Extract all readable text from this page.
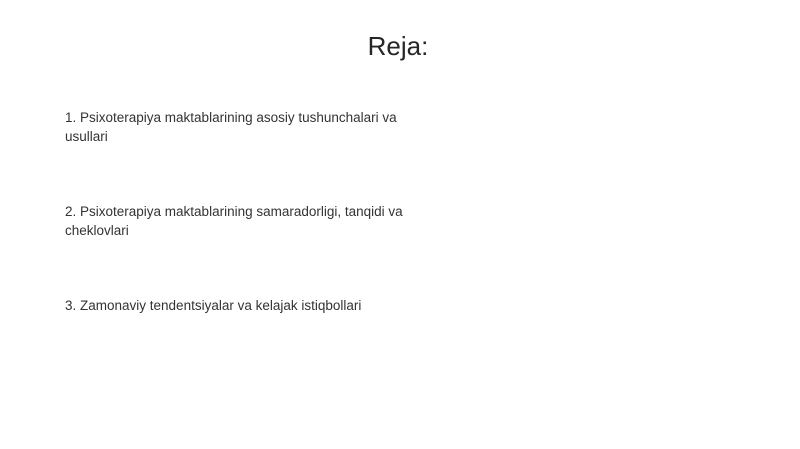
Reja:
1. Psixoterapiya maktablarining asosiy tushunchalari va usullari
2. Psixoterapiya maktablarining samaradorligi, tanqidi va cheklovlari
3. Zamonaviy tendentsiyalar va kelajak istiqbollari
